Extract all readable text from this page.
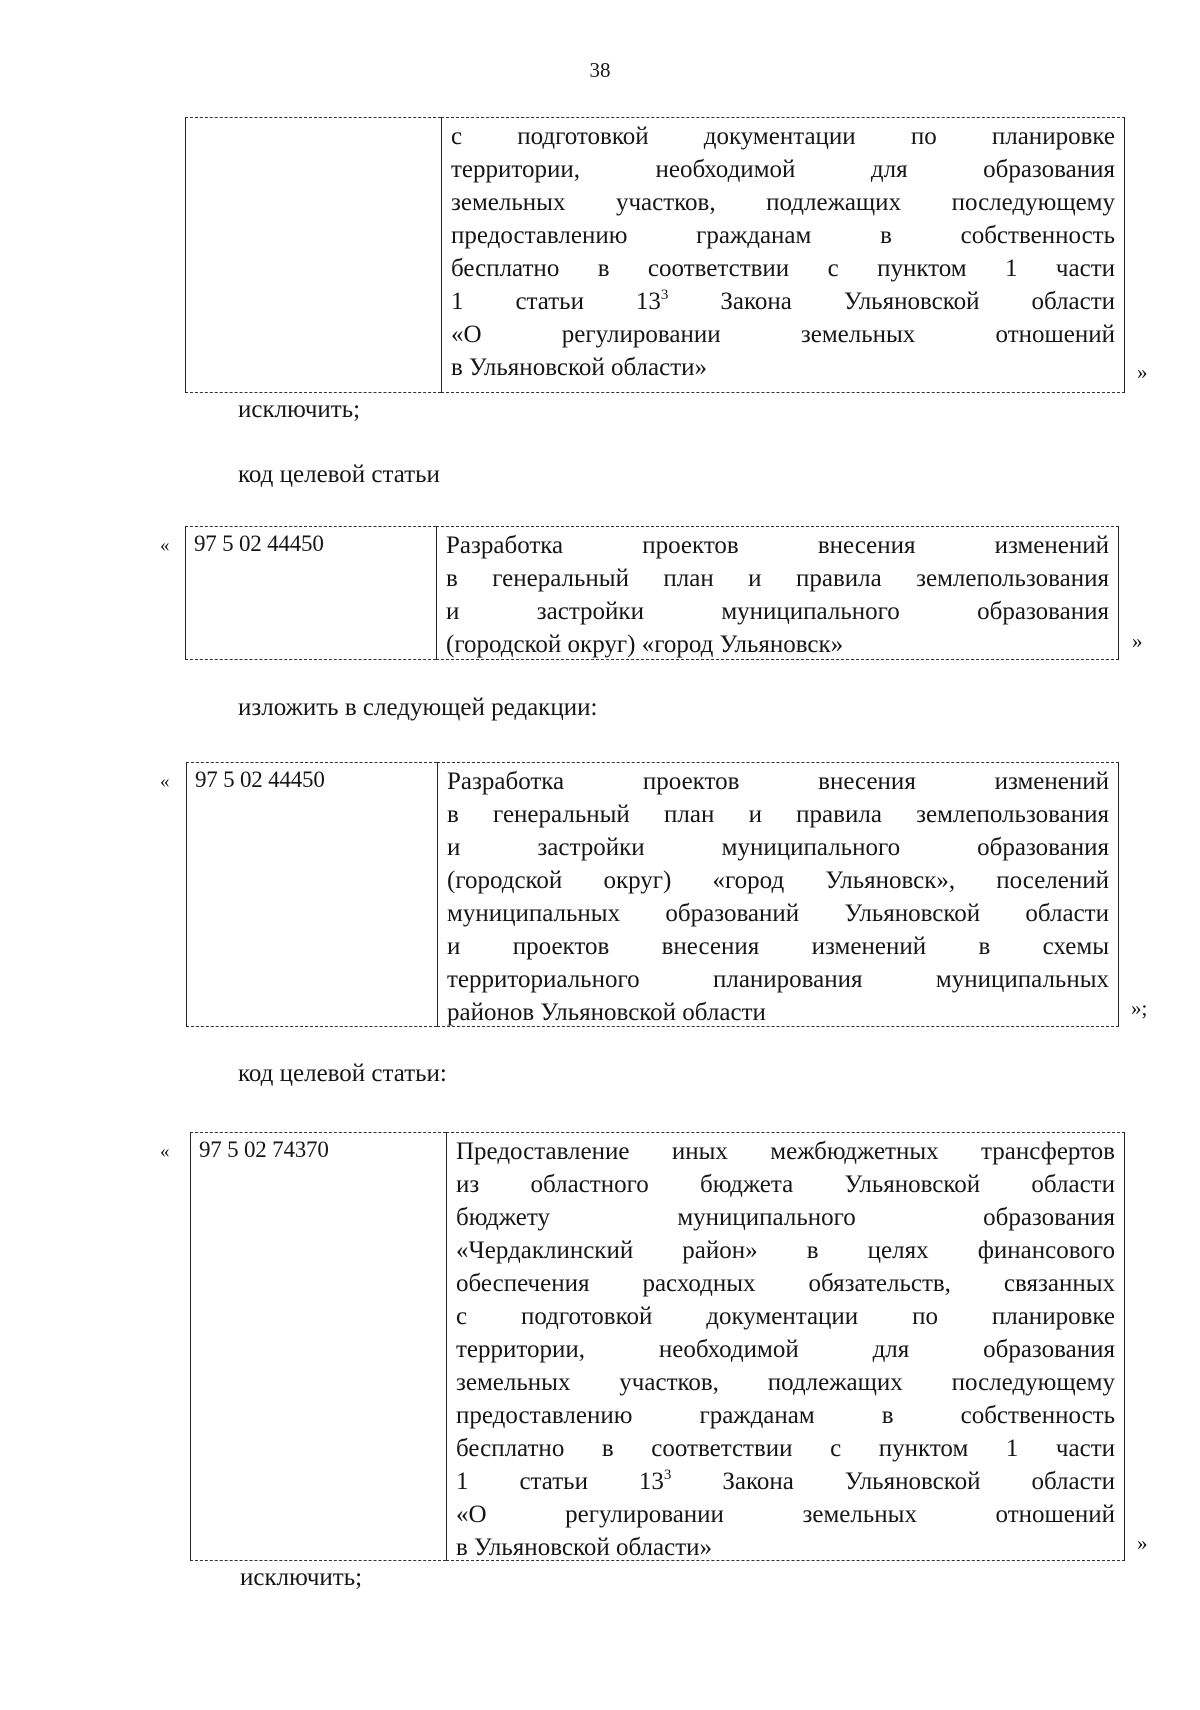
38
с подготовкой документации по планировке
территории, необходимой для образования
земельных участков, подлежащих последующему
предоставлению гражданам в собственность
бесплатно в соответствии с пунктом 1 части
1 статьи $13^3$ Закона Ульяновской области
«О регулировании земельных отношений
в Ульяновской области»	»
исключить;
код целевой статьи
«	97 5 02 44450	Разработка проектов внесения изменений
в генеральный план и правила землепользования
и застройки муниципального образования
(городской округ) «город Ульяновск»	»
изложить в следующей редакции:
«	97 5 02 44450	Разработка проектов внесения изменений
в генеральный план и правила землепользования
и застройки муниципального образования
(городской округ) «город Ульяновск», поселений
муниципальных образований Ульяновской области
и проектов внесения изменений в схемы
территориального планирования муниципальных
районов Ульяновской области	»;
код целевой статьи:
«	97 5 02 74370	Предоставление иных межбюджетных трансфертов
из областного бюджета Ульяновской области
бюджету муниципального образования
«Чердаклинский район» в целях финансового
обеспечения расходных обязательств, связанных
с подготовкой документации по планировке
территории, необходимой для образования
земельных участков, подлежащих последующему
предоставлению гражданам в собственность
бесплатно в соответствии с пунктом 1 части
1 статьи $13^3$ Закона Ульяновской области
«О регулировании земельных отношений
в Ульяновской области»	»
исключить;
